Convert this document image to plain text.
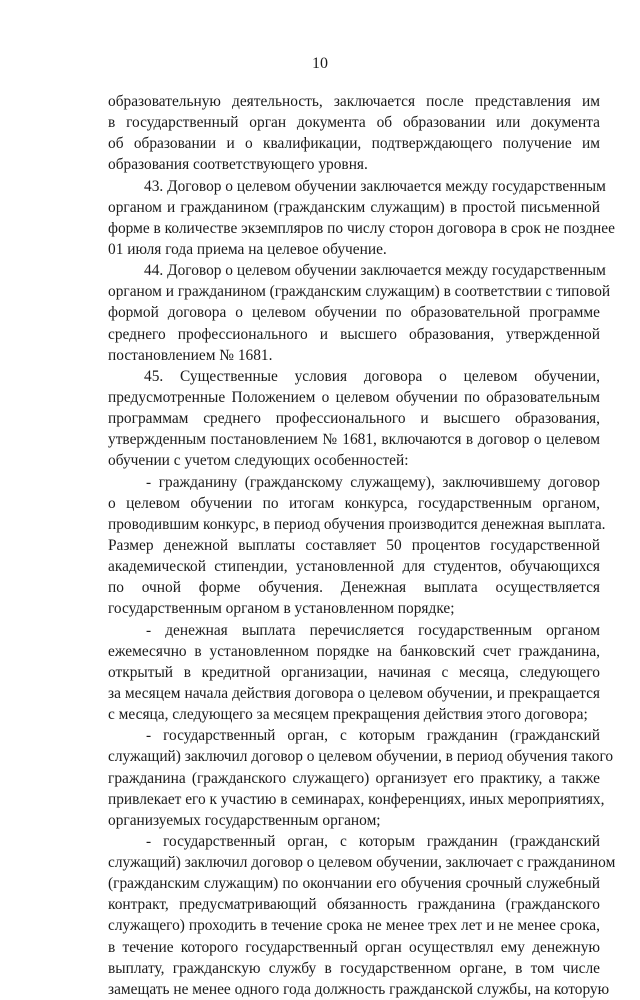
10
образовательную деятельность, заключается после представления им
в государственный орган документа об образовании или документа
об образовании и о квалификации, подтверждающего получение им
образования соответствующего уровня.
43. Договор о целевом обучении заключается между государственным
органом и гражданином (гражданским служащим) в простой письменной
форме в количестве экземпляров по числу сторон договора в срок не позднее
01 июля года приема на целевое обучение.
44. Договор о целевом обучении заключается между государственным
органом и гражданином (гражданским служащим) в соответствии с типовой
формой договора о целевом обучении по образовательной программе
среднего профессионального и высшего образования, утвержденной
постановлением № 1681.
45. Существенные условия договора о целевом обучении,
предусмотренные Положением о целевом обучении по образовательным
программам среднего профессионального и высшего образования,
утвержденным постановлением № 1681, включаются в договор о целевом
обучении с учетом следующих особенностей:
- гражданину (гражданскому служащему), заключившему договор
о целевом обучении по итогам конкурса, государственным органом,
проводившим конкурс, в период обучения производится денежная выплата.
Размер денежной выплаты составляет 50 процентов государственной
академической стипендии, установленной для студентов, обучающихся
по очной форме обучения. Денежная выплата осуществляется
государственным органом в установленном порядке;
- денежная выплата перечисляется государственным органом
ежемесячно в установленном порядке на банковский счет гражданина,
открытый в кредитной организации, начиная с месяца, следующего
за месяцем начала действия договора о целевом обучении, и прекращается
с месяца, следующего за месяцем прекращения действия этого договора;
- государственный орган, с которым гражданин (гражданский
служащий) заключил договор о целевом обучении, в период обучения такого
гражданина (гражданского служащего) организует его практику, а также
привлекает его к участию в семинарах, конференциях, иных мероприятиях,
организуемых государственным органом;
- государственный орган, с которым гражданин (гражданский
служащий) заключил договор о целевом обучении, заключает с гражданином
(гражданским служащим) по окончании его обучения срочный служебный
контракт, предусматривающий обязанность гражданина (гражданского
служащего) проходить в течение срока не менее трех лет и не менее срока,
в течение которого государственный орган осуществлял ему денежную
выплату, гражданскую службу в государственном органе, в том числе
замещать не менее одного года должность гражданской службы, на которую
